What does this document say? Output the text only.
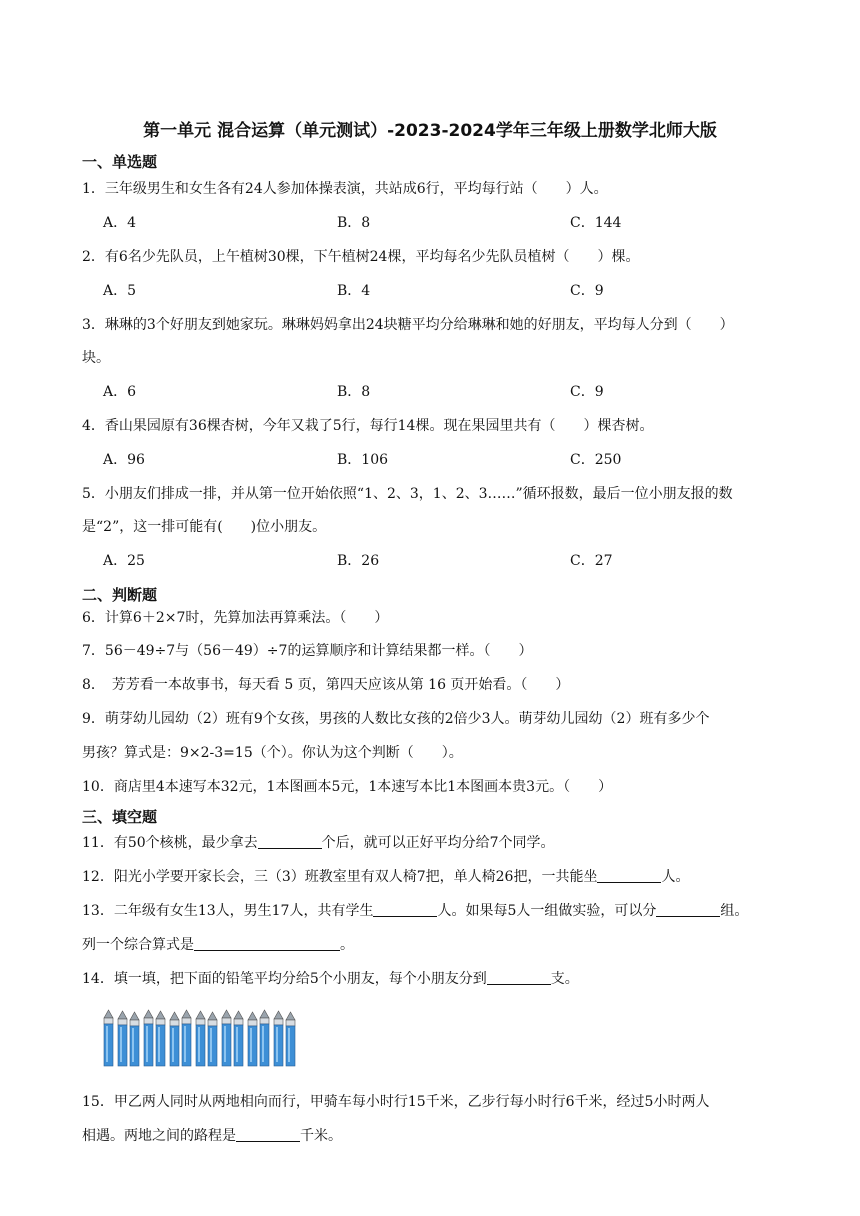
第一单元 混合运算（单元测试）-2023-2024学年三年级上册数学北师大版
一、单选题
1．三年级男生和女生各有24人参加体操表演，共站成6行，平均每行站（　　）人。
A．4	B．8	C．144
2．有6名少先队员，上午植树30棵，下午植树24棵，平均每名少先队员植树（　　）棵。
A．5	B．4	C．9
3．琳琳的3个好朋友到她家玩。琳琳妈妈拿出24块糖平均分给琳琳和她的好朋友，平均每人分到（　　）
块。
A．6	B．8	C．9
4．香山果园原有36棵杏树，今年又栽了5行，每行14棵。现在果园里共有（　　）棵杏树。
A．96	B．106	C．250
5．小朋友们排成一排，并从第一位开始依照“1、2、3，1、2、3……”循环报数，最后一位小朋友报的数
是“2”，这一排可能有(　　)位小朋友。
A．25	B．26	C．27
二、判断题
6．计算6＋2×7时，先算加法再算乘法。（　　）
7．56－49÷7与（56－49）÷7的运算顺序和计算结果都一样。（　　）
8．　芳芳看一本故事书，每天看 5 页，第四天应该从第 16 页开始看。（　　）
9．萌芽幼儿园幼（2）班有9个女孩，男孩的人数比女孩的2倍少3人。萌芽幼儿园幼（2）班有多少个
男孩？算式是：9×2-3=15（个）。你认为这个判断（　　）。
10．商店里4本速写本32元，1本图画本5元，1本速写本比1本图画本贵3元。（　　）
三、填空题
11．有50个核桃，最少拿去	个后，就可以正好平均分给7个同学。
12．阳光小学要开家长会，三（3）班教室里有双人椅7把，单人椅26把，一共能坐	人。
13．二年级有女生13人，男生17人，共有学生	人。如果每5人一组做实验，可以分	组。
列一个综合算式是	。
14．填一填，把下面的铅笔平均分给5个小朋友，每个小朋友分到	支。
15．甲乙两人同时从两地相向而行，甲骑车每小时行15千米，乙步行每小时行6千米，经过5小时两人
相遇。两地之间的路程是	千米。
